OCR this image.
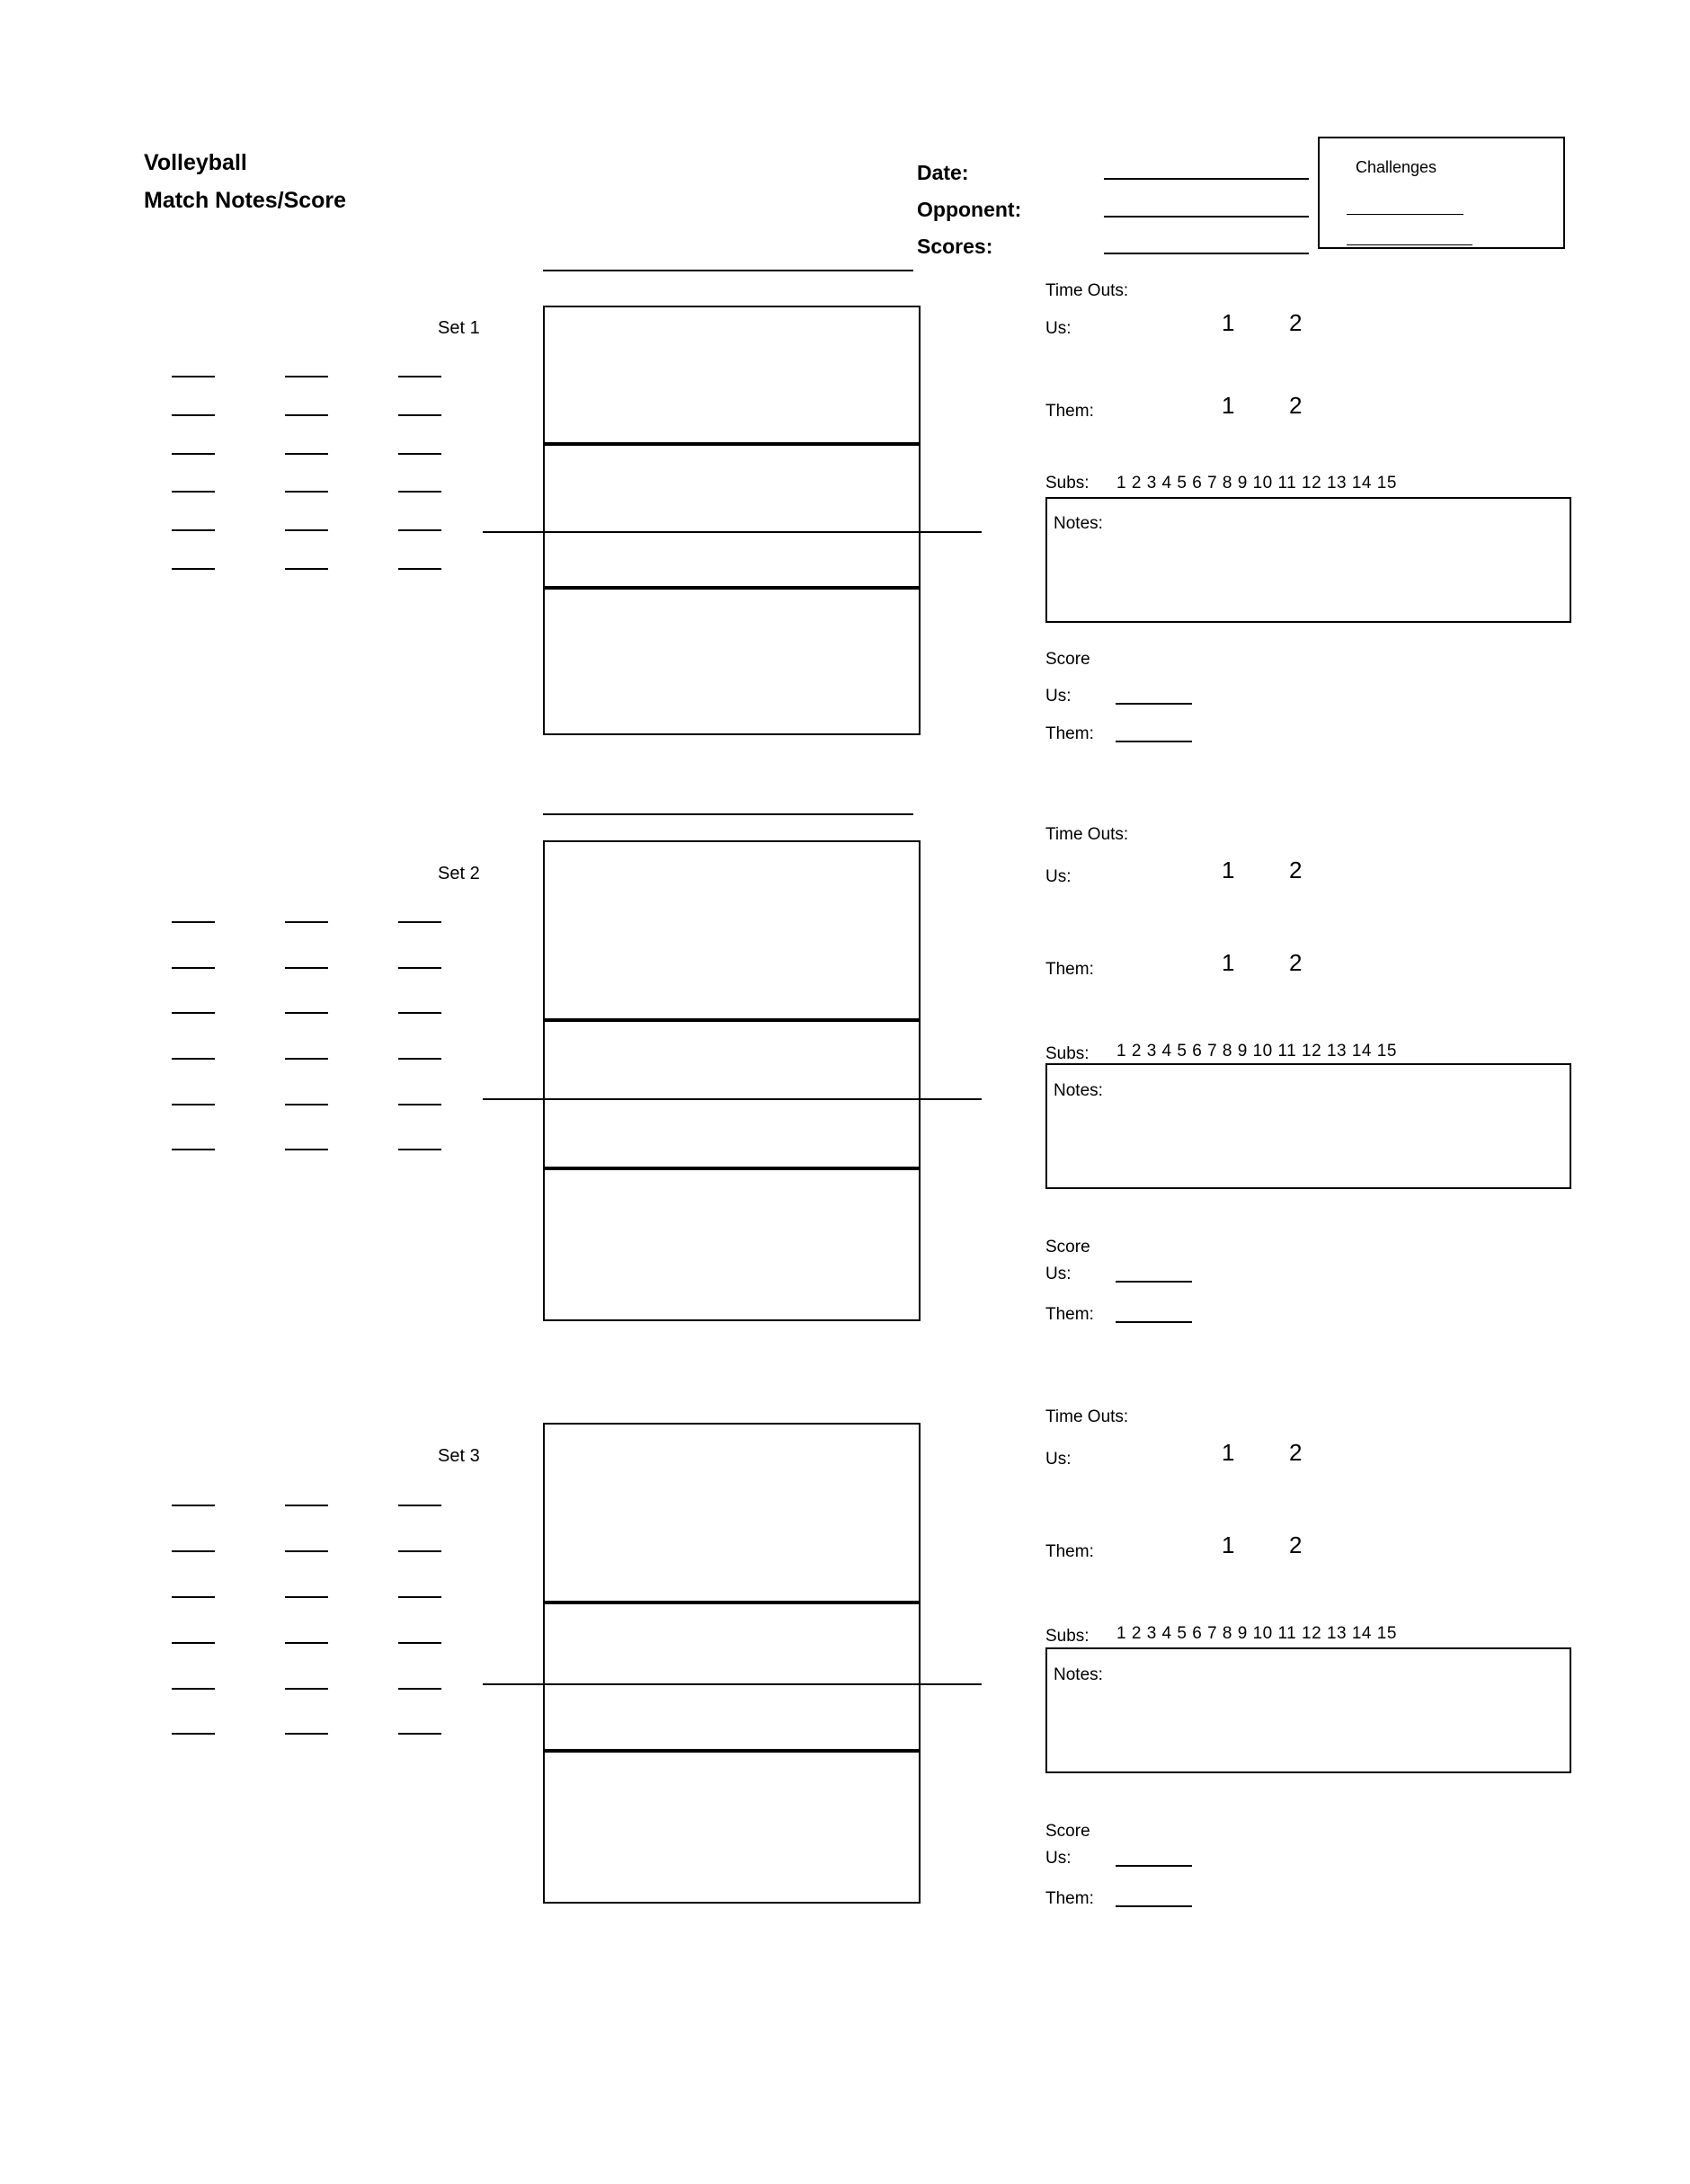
Volleyball
Match Notes/Score
Date:
Opponent:
Scores:
Challenges
Set 1
Time Outs:
Us:	1 2
Them:	1 2
Subs: 1 2 3 4 5 6 7 8 9 10 11 12 13 14 15
Notes:
Score
Us:
Them:
Set 2
Time Outs:
Us:	1 2
Them:	1 2
Subs: 1 2 3 4 5 6 7 8 9 10 11 12 13 14 15
Notes:
Score
Us:
Them:
Set 3
Time Outs:
Us:	1 2
Them:	1 2
Subs: 1 2 3 4 5 6 7 8 9 10 11 12 13 14 15
Notes:
Score
Us:
Them:
